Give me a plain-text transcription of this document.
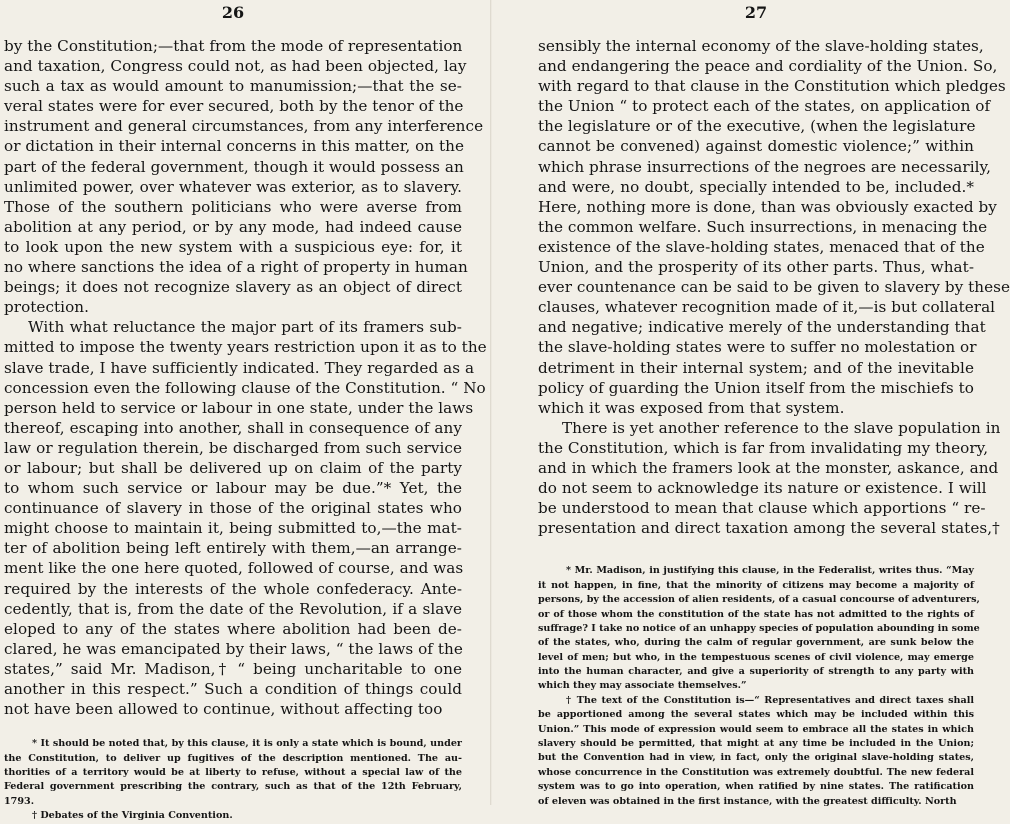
26
by the Constitution;—that from the mode of representation
and taxation, Congress could not, as had been objected, lay
such a tax as would amount to manumission;—that the se-
veral states were for ever secured, both by the tenor of the
instrument and general circumstances, from any interference
or dictation in their internal concerns in this matter, on the
part of the federal government, though it would possess an
unlimited power, over whatever was exterior, as to slavery.
Those of the southern politicians who were averse from
abolition at any period, or by any mode, had indeed cause
to look upon the new system with a suspicious eye: for, it
no where sanctions the idea of a right of property in human
beings; it does not recognize slavery as an object of direct
protection.
With what reluctance the major part of its framers sub-
mitted to impose the twenty years restriction upon it as to the
slave trade, I have sufficiently indicated. They regarded as a
concession even the following clause of the Constitution. “ No
person held to service or labour in one state, under the laws
thereof, escaping into another, shall in consequence of any
law or regulation therein, be discharged from such service
or labour; but shall be delivered up on claim of the party
to whom such service or labour may be due.”* Yet, the
continuance of slavery in those of the original states who
might choose to maintain it, being submitted to,—the mat-
ter of abolition being left entirely with them,—an arrange-
ment like the one here quoted, followed of course, and was
required by the interests of the whole confederacy. Ante-
cedently, that is, from the date of the Revolution, if a slave
eloped to any of the states where abolition had been de-
clared, he was emancipated by their laws, “ the laws of the
states,” said Mr. Madison,† “ being uncharitable to one
another in this respect.” Such a condition of things could
not have been allowed to continue, without affecting too
* It should be noted that, by this clause, it is only a state which is bound, under
the Constitution, to deliver up fugitives of the description mentioned. The au-
thorities of a territory would be at liberty to refuse, without a special law of the
Federal government prescribing the contrary, such as that of the 12th February,
1793.
† Debates of the Virginia Convention.
27
sensibly the internal economy of the slave-holding states,
and endangering the peace and cordiality of the Union. So,
with regard to that clause in the Constitution which pledges
the Union “ to protect each of the states, on application of
the legislature or of the executive, (when the legislature
cannot be convened) against domestic violence;” within
which phrase insurrections of the negroes are necessarily,
and were, no doubt, specially intended to be, included.*
Here, nothing more is done, than was obviously exacted by
the common welfare. Such insurrections, in menacing the
existence of the slave-holding states, menaced that of the
Union, and the prosperity of its other parts. Thus, what-
ever countenance can be said to be given to slavery by these
clauses, whatever recognition made of it,—is but collateral
and negative; indicative merely of the understanding that
the slave-holding states were to suffer no molestation or
detriment in their internal system; and of the inevitable
policy of guarding the Union itself from the mischiefs to
which it was exposed from that system.
There is yet another reference to the slave population in
the Constitution, which is far from invalidating my theory,
and in which the framers look at the monster, askance, and
do not seem to acknowledge its nature or existence. I will
be understood to mean that clause which apportions “ re-
presentation and direct taxation among the several states,†
* Mr. Madison, in justifying this clause, in the Federalist, writes thus. “May
it not happen, in fine, that the minority of citizens may become a majority of
persons, by the accession of alien residents, of a casual concourse of adventurers,
or of those whom the constitution of the state has not admitted to the rights of
suffrage? I take no notice of an unhappy species of population abounding in some
of the states, who, during the calm of regular government, are sunk below the
level of men; but who, in the tempestuous scenes of civil violence, may emerge
into the human character, and give a superiority of strength to any party with
which they may associate themselves.”
† The text of the Constitution is—“ Representatives and direct taxes shall
be apportioned among the several states which may be included within this
Union.” This mode of expression would seem to embrace all the states in which
slavery should be permitted, that might at any time be included in the Union;
but the Convention had in view, in fact, only the original slave-holding states,
whose concurrence in the Constitution was extremely doubtful. The new federal
system was to go into operation, when ratified by nine states. The ratification
of eleven was obtained in the first instance, with the greatest difficulty. North
